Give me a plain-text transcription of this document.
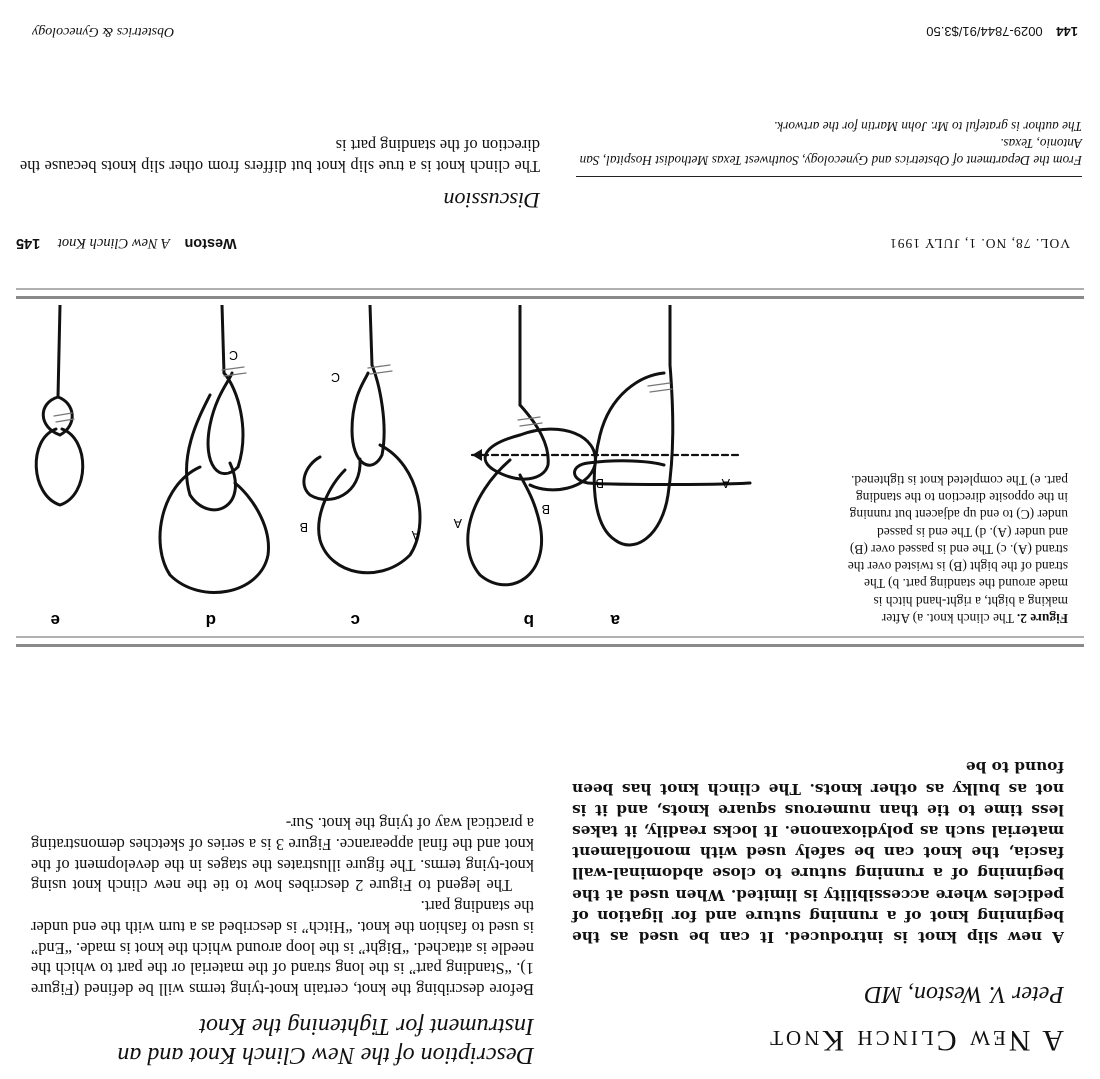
A New Clinch Knot
Peter V. Weston, MD
A new slip knot is introduced. It can be used as the beginning knot of a running suture and for ligation of pedicles where accessibility is limited. When used at the beginning of a running suture to close abdominal-wall fascia, the knot can be safely used with monofilament material such as polydioxanone. It locks readily, it takes less time to tie than numerous square knots, and it is not as bulky as other knots. The clinch knot has been found to be
Description of the New Clinch Knot and an Instrument for Tightening the Knot

Before describing the knot, certain knot-tying terms will be defined (Figure 1). “Standing part” is the long strand of the material or the part to which the needle is attached. “Bight” is the loop around which the knot is made. “End” is used to fashion the knot. “Hitch” is described as a turn with the end under the standing part.

The legend to Figure 2 describes how to tie the new clinch knot using knot-tying terms. The figure illustrates the stages in the development of the knot and the final appearance. Figure 3 is a series of sketches demonstrating a practical way of tying the knot. Sur-

Figure 2. The clinch knot. a) After making a bight, a right-hand hitch is made around the standing part. b) The strand of the bight (B) is twisted over the strand (A). c) The end is passed over (B) and under (A). d) The end is passed under (C) to end up adjacent but running in the opposite direction to the standing part. e) The completed knot is tightened.
A
B
B
A
A
B
C
C
a
b
c
d
e
Weston    A New Clinch Knot 145	VOL. 78, NO. 1, JULY 1991
Discussion
The clinch knot is a true slip knot but differs from other slip knots because the direction of the standing part is

From the Department of Obstetrics and Gynecology, Southwest Texas Methodist Hospital, San Antonio, Texas.

The author is grateful to Mr. John Martin for the artwork.

Obstetrics & Gynecology	144 0029-7844/91/$3.50
